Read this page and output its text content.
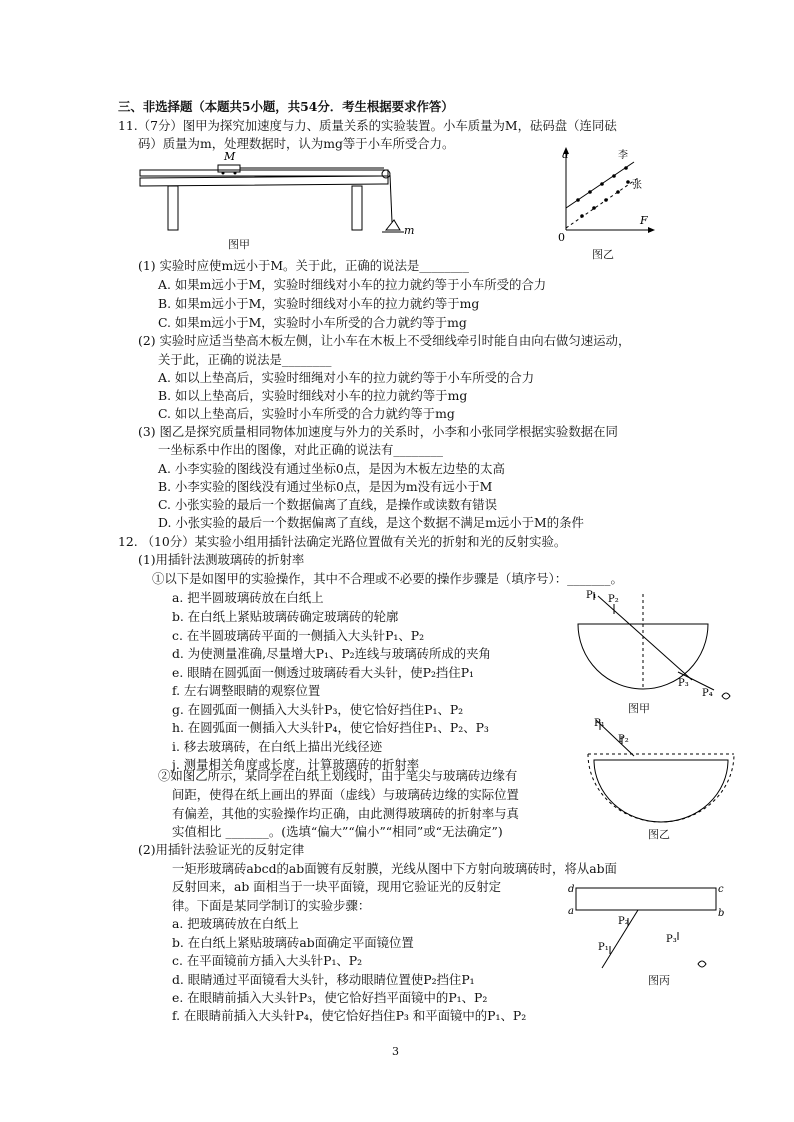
三、非选择题（本题共5小题，共54分．考生根据要求作答）
11.（7分）图甲为探究加速度与力、质量关系的实验装置。小车质量为M，砝码盘（连同砝
码）质量为m，处理数据时，认为mg等于小车所受合力。
M
m
图甲
a
F
0
李
张
图乙
(1) 实验时应使m远小于M。关于此，正确的说法是________
A. 如果m远小于M，实验时细线对小车的拉力就约等于小车所受的合力
B. 如果m远小于M，实验时细线对小车的拉力就约等于mg
C. 如果m远小于M，实验时小车所受的合力就约等于mg
(2) 实验时应适当垫高木板左侧，让小车在木板上不受细线牵引时能自由向右做匀速运动，
关于此，正确的说法是________
A. 如以上垫高后，实验时细绳对小车的拉力就约等于小车所受的合力
B. 如以上垫高后，实验时细线对小车的拉力就约等于mg
C. 如以上垫高后，实验时小车所受的合力就约等于mg
(3) 图乙是探究质量相同物体加速度与外力的关系时，小李和小张同学根据实验数据在同
一坐标系中作出的图像，对此正确的说法有________
A. 小李实验的图线没有通过坐标0点，是因为木板左边垫的太高
B. 小李实验的图线没有通过坐标0点，是因为m没有远小于M
C. 小张实验的最后一个数据偏离了直线，是操作或读数有错误
D. 小张实验的最后一个数据偏离了直线，是这个数据不满足m远小于M的条件
12. （10分）某实验小组用插针法确定光路位置做有关光的折射和光的反射实验。
(1)用插针法测玻璃砖的折射率
①以下是如图甲的实验操作，其中不合理或不必要的操作步骤是（填序号）：_______。
a. 把半圆玻璃砖放在白纸上
b. 在白纸上紧贴玻璃砖确定玻璃砖的轮廓
c. 在半圆玻璃砖平面的一侧插入大头针P₁、P₂
d. 为使测量准确,尽量增大P₁、P₂连线与玻璃砖所成的夹角
e. 眼睛在圆弧面一侧透过玻璃砖看大头针，使P₂挡住P₁
f. 左右调整眼睛的观察位置
g. 在圆弧面一侧插入大头针P₃，使它恰好挡住P₁、P₂
h. 在圆弧面一侧插入大头针P₄，使它恰好挡住P₁、P₂、P₃
i. 移去玻璃砖，在白纸上描出光线径迹
j. 测量相关角度或长度，计算玻璃砖的折射率
P₁ P₂
P₃
P₄
图甲
P₁
P₂
图乙
②如图乙所示，某同学在白纸上划线时，由于笔尖与玻璃砖边缘有
间距，使得在纸上画出的界面（虚线）与玻璃砖边缘的实际位置
有偏差，其他的实验操作均正确，由此测得玻璃砖的折射率与真
实值相比 _______。(选填“偏大”“偏小”“相同”或“无法确定”)
(2)用插针法验证光的反射定律
一矩形玻璃砖abcd的ab面镀有反射膜，光线从图中下方射向玻璃砖时，将从ab面
反射回来，ab 面相当于一块平面镜，现用它验证光的反射定
律。下面是某同学制订的实验步骤：
a. 把玻璃砖放在白纸上
b. 在白纸上紧贴玻璃砖ab面确定平面镜位置
c. 在平面镜前方插入大头针P₁、P₂
d. 眼睛通过平面镜看大头针，移动眼睛位置使P₂挡住P₁
e. 在眼睛前插入大头针P₃，使它恰好挡平面镜中的P₁、P₂
f. 在眼睛前插入大头针P₄，使它恰好挡住P₃ 和平面镜中的P₁、P₂
d	c
a	b
P₂
P₁
P₃
图丙
3
